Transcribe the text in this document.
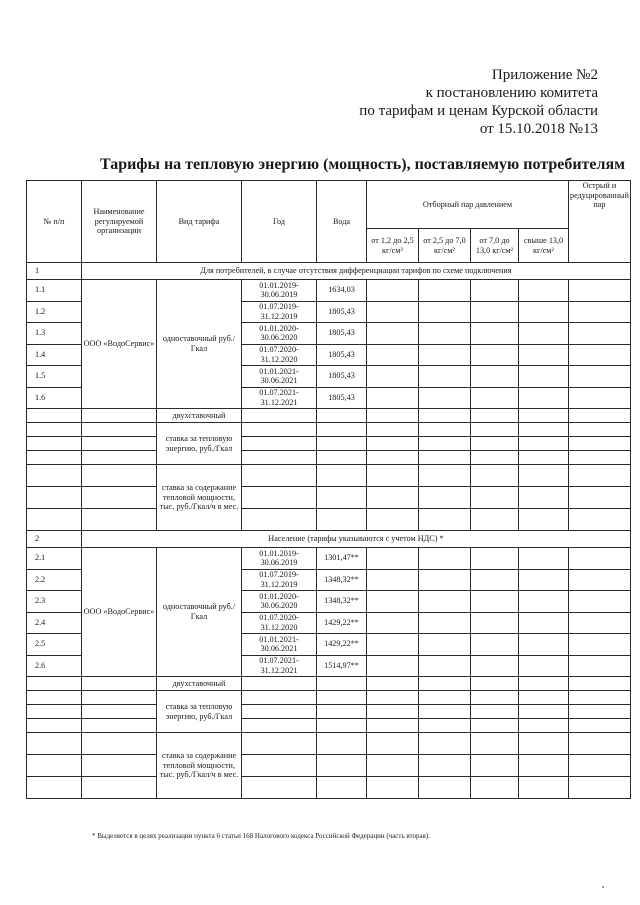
Приложение №2
к постановлению комитета
по тарифам и ценам Курской области
от 15.10.2018 №13
Тарифы на тепловую энергию (мощность), поставляемую потребителям
№ п/п	Наименование регулируемой организации	Вид тарифа	Год	Вода	Отборный пар давлением				Острый и редуцированный пар
					от 1,2 до 2,5 кг/см²	от 2,5 до 7,0 кг/см²	от 7,0 до 13,0 кг/см²	свыше 13,0 кг/см²	
1	Для потребителей, в случае отсутствия дифференциации тарифов по схеме подключения								
1.1	ООО «ВодоСервис»	одноставочный руб./Гкал	01.01.2019-30.06.2019	1634,03					
1.2			01.07.2019-31.12.2019	1805,43					
1.3			01.01.2020-30.06.2020	1805,43					
1.4			01.07.2020-31.12.2020	1805,43					
1.5			01.01.2021-30.06.2021	1805,43					
1.6			01.07.2021-31.12.2021	1805,43					
		двухставочный							
		ставка за тепловую энергию, руб./Гкал							

		ставка за содержание тепловой мощности, тыс. руб./Гкал/ч в мес.							

2	Население (тарифы указываются с учетом НДС) *								
2.1	ООО «ВодоСервис»	одноставочный руб./Гкал	01.01.2019-30.06.2019	1301,47**					
2.2			01.07.2019-31.12.2019	1348,32**					
2.3			01.01.2020-30.06.2020	1348,32**					
2.4			01.07.2020-31.12.2020	1429,22**					
2.5			01.01.2021-30.06.2021	1429,22**					
2.6			01.07.2021-31.12.2021	1514,97**					
		двухставочный							
		ставка за тепловую энергию, руб./Гкал							

		ставка за содержание тепловой мощности, тыс. руб./Гкал/ч в мес.							

* Выделяется в целях реализации пункта 6 статьи 168 Налогового кодекса Российской Федерации (часть вторая).
